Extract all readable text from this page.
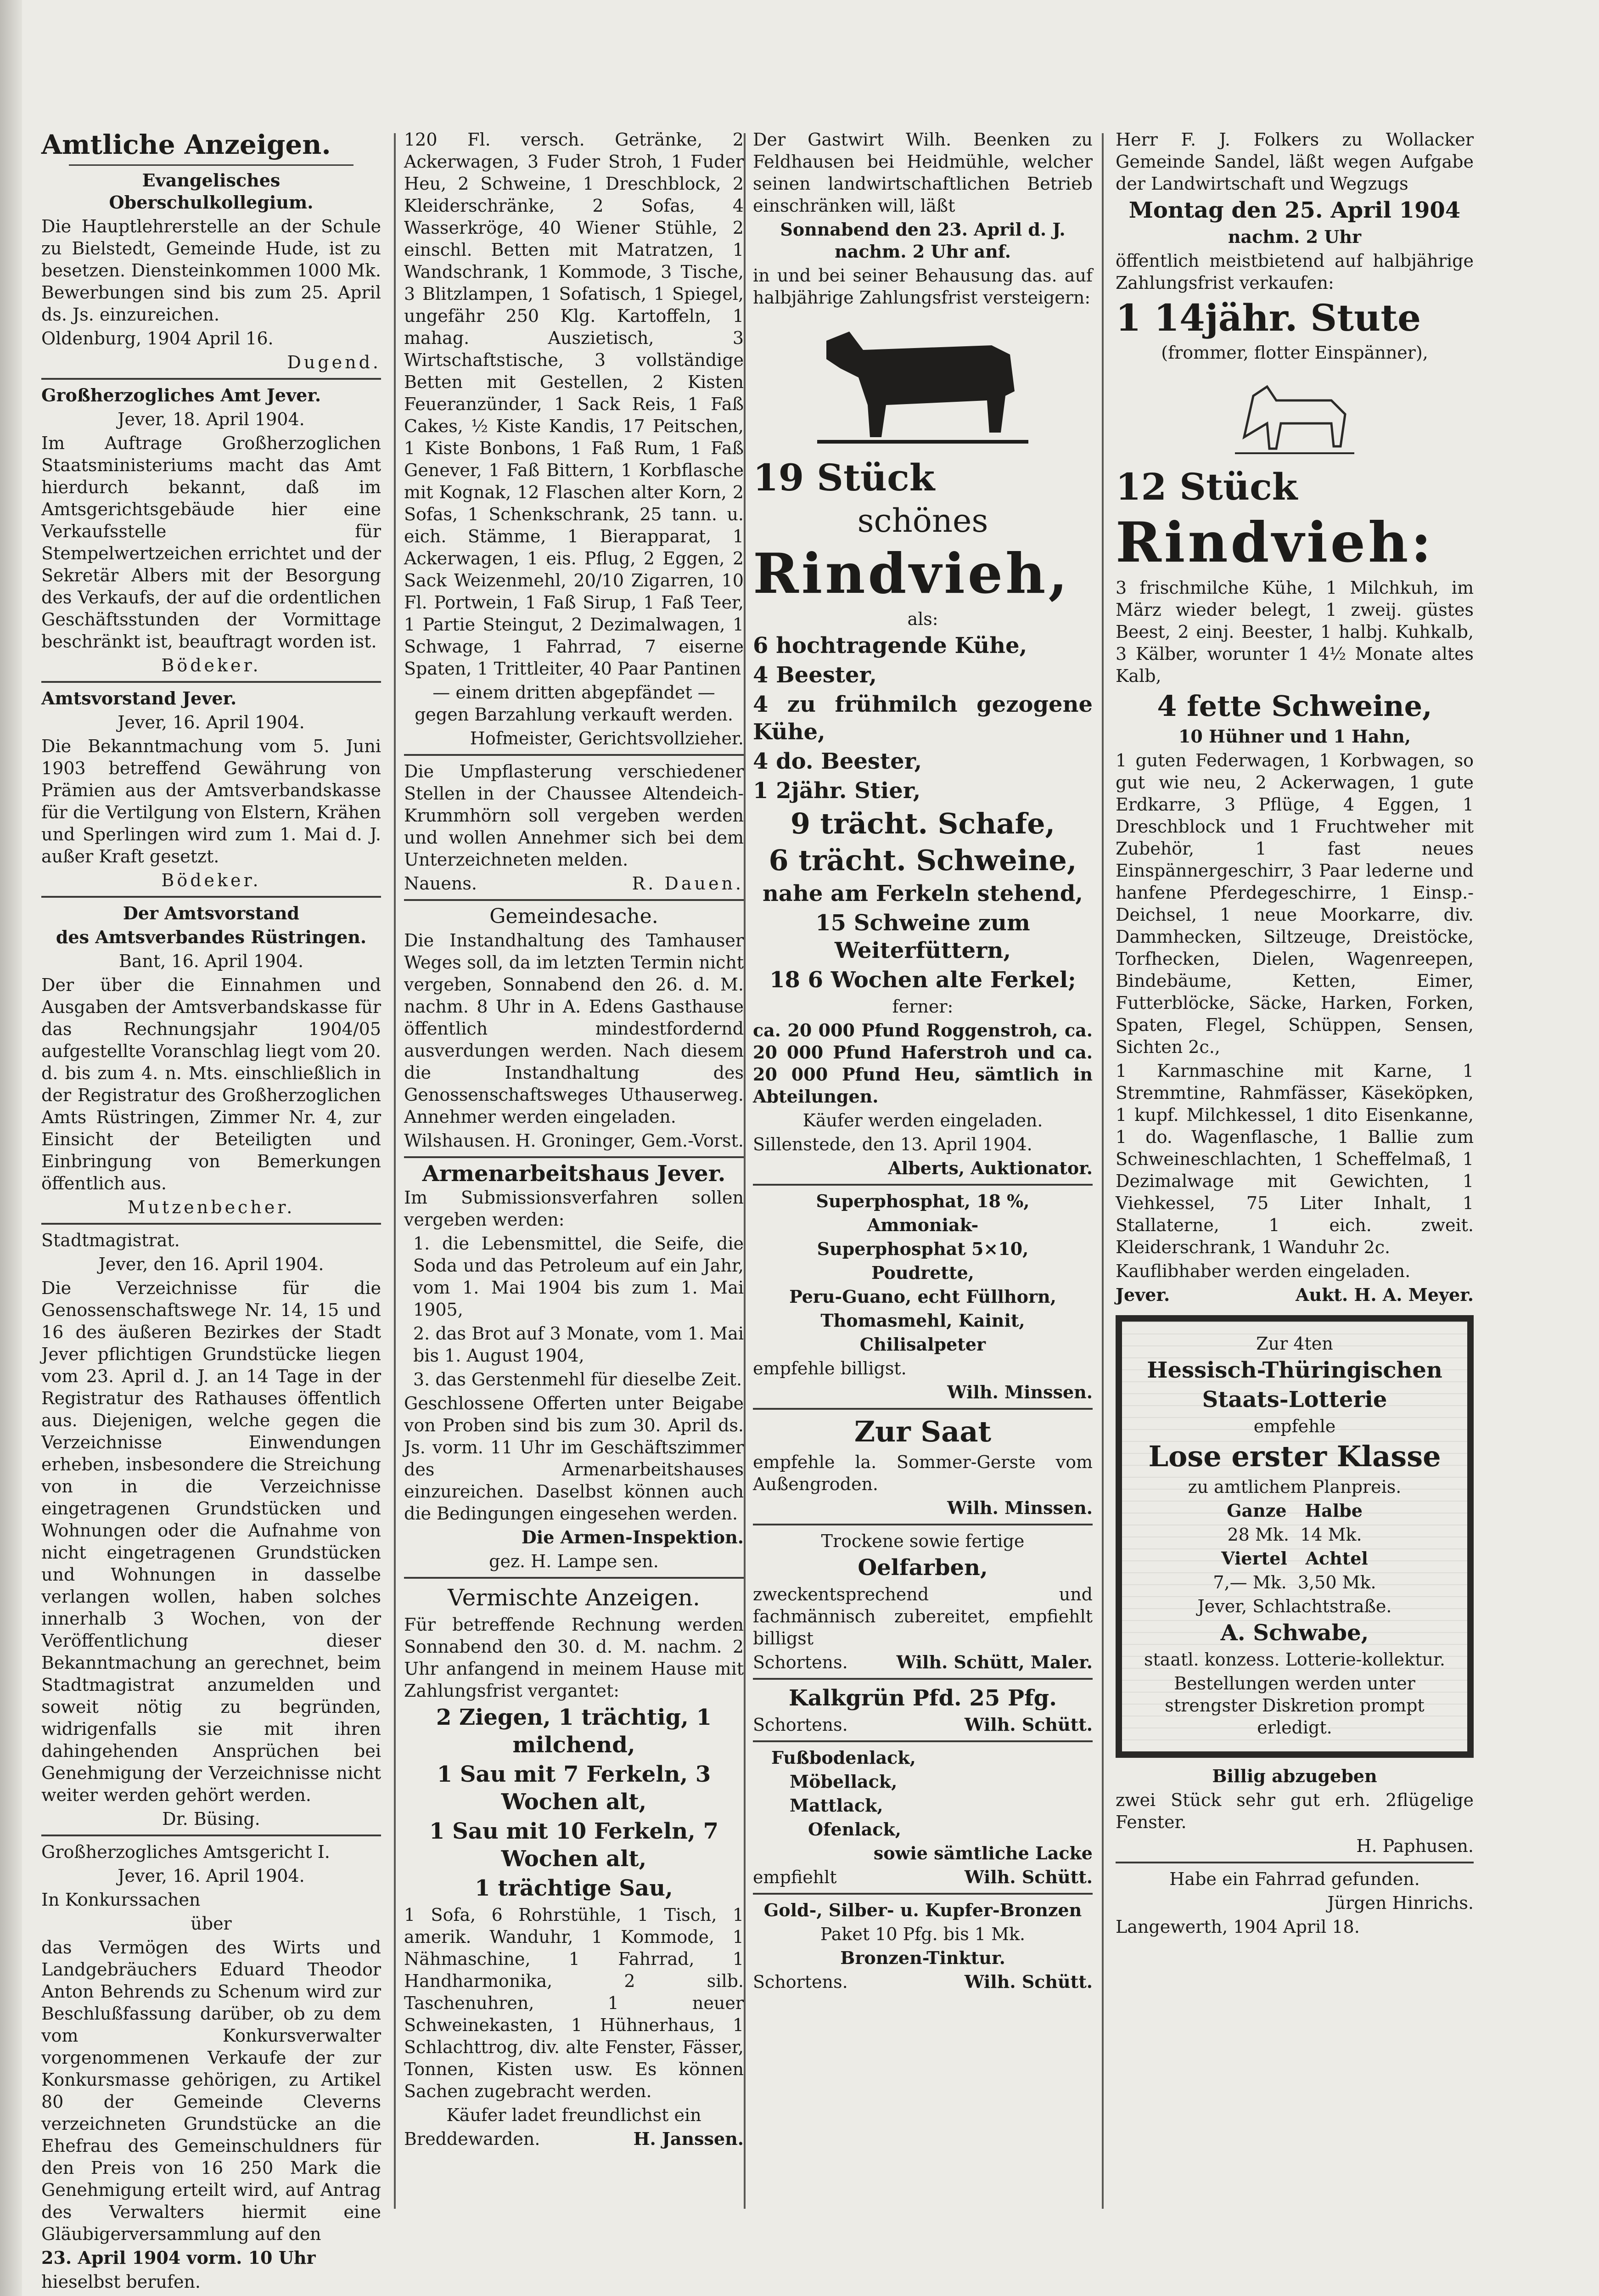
Amtliche Anzeigen.

Evangelisches Oberschulkollegium.

Die Hauptlehrerstelle an der Schule zu Bielstedt, Gemeinde Hude, ist zu besetzen. Diensteinkommen 1000 Mk. Bewerbungen sind bis zum 25. April ds. Js. einzureichen.

Oldenburg, 1904 April 16.

Dugend.

Großherzogliches Amt Jever.

Jever, 18. April 1904.

Im Auftrage Großherzoglichen Staatsministeriums macht das Amt hierdurch bekannt, daß im Amtsgerichtsgebäude hier eine Verkaufsstelle für Stempelwertzeichen errichtet und der Sekretär Albers mit der Besorgung des Verkaufs, der auf die ordentlichen Geschäftsstunden der Vormittage beschränkt ist, beauftragt worden ist.

Bödeker.

Amtsvorstand Jever.

Jever, 16. April 1904.

Die Bekanntmachung vom 5. Juni 1903 betreffend Gewährung von Prämien aus der Amtsverbandskasse für die Vertilgung von Elstern, Krähen und Sperlingen wird zum 1. Mai d. J. außer Kraft gesetzt.

Bödeker.

Der Amtsvorstand

des Amtsverbandes Rüstringen.

Bant, 16. April 1904.

Der über die Einnahmen und Ausgaben der Amtsverbandskasse für das Rechnungsjahr 1904/05 aufgestellte Voranschlag liegt vom 20. d. bis zum 4. n. Mts. einschließlich in der Registratur des Großherzoglichen Amts Rüstringen, Zimmer Nr. 4, zur Einsicht der Beteiligten und Einbringung von Bemerkungen öffentlich aus.

Mutzenbecher.

Stadtmagistrat.

Jever, den 16. April 1904.

Die Verzeichnisse für die Genossenschaftswege Nr. 14, 15 und 16 des äußeren Bezirkes der Stadt Jever pflichtigen Grundstücke liegen vom 23. April d. J. an 14 Tage in der Registratur des Rathauses öffentlich aus. Diejenigen, welche gegen die Verzeichnisse Einwendungen erheben, insbesondere die Streichung von in die Verzeichnisse eingetragenen Grundstücken und Wohnungen oder die Aufnahme von nicht eingetragenen Grundstücken und Wohnungen in dasselbe verlangen wollen, haben solches innerhalb 3 Wochen, von der Veröffentlichung dieser Bekanntmachung an gerechnet, beim Stadtmagistrat anzumelden und soweit nötig zu begründen, widrigenfalls sie mit ihren dahingehenden Ansprüchen bei Genehmigung der Verzeichnisse nicht weiter werden gehört werden.

Dr. Büsing.

Großherzogliches Amtsgericht I.

Jever, 16. April 1904.

In Konkurssachen

über

das Vermögen des Wirts und Landgebräuchers Eduard Theodor Anton Behrends zu Schenum wird zur Beschlußfassung darüber, ob zu dem vom Konkursverwalter vorgenommenen Verkaufe der zur Konkursmasse gehörigen, zu Artikel 80 der Gemeinde Cleverns verzeichneten Grundstücke an die Ehefrau des Gemeinschuldners für den Preis von 16 250 Mark die Genehmigung erteilt wird, auf Antrag des Verwalters hiermit eine Gläubigerversammlung auf den

23. April 1904 vorm. 10 Uhr

hieselbst berufen.

120 Fl. versch. Getränke, 2 Ackerwagen, 3 Fuder Stroh, 1 Fuder Heu, 2 Schweine, 1 Dreschblock, 2 Kleiderschränke, 2 Sofas, 4 Wasserkröge, 40 Wiener Stühle, 2 einschl. Betten mit Matratzen, 1 Wandschrank, 1 Kommode, 3 Tische, 3 Blitzlampen, 1 Sofatisch, 1 Spiegel, ungefähr 250 Klg. Kartoffeln, 1 mahag. Auszietisch, 3 Wirtschaftstische, 3 vollständige Betten mit Gestellen, 2 Kisten Feueranzünder, 1 Sack Reis, 1 Faß Cakes, ½ Kiste Kandis, 17 Peitschen, 1 Kiste Bonbons, 1 Faß Rum, 1 Faß Genever, 1 Faß Bittern, 1 Korbflasche mit Kognak, 12 Flaschen alter Korn, 2 Sofas, 1 Schenkschrank, 25 tann. u. eich. Stämme, 1 Bierapparat, 1 Ackerwagen, 1 eis. Pflug, 2 Eggen, 2 Sack Weizenmehl, 20/10 Zigarren, 10 Fl. Portwein, 1 Faß Sirup, 1 Faß Teer, 1 Partie Steingut, 2 Dezimalwagen, 1 Schwage, 1 Fahrrad, 7 eiserne Spaten, 1 Trittleiter, 40 Paar Pantinen

— einem dritten abgepfändet — gegen Barzahlung verkauft werden.

Hofmeister, Gerichtsvollzieher.

Die Umpflasterung verschiedener Stellen in der Chaussee Altendeich-Krummhörn soll vergeben werden und wollen Annehmer sich bei dem Unterzeichneten melden.

Nauens.	R. Dauen.

Gemeindesache.

Die Instandhaltung des Tamhauser Weges soll, da im letzten Termin nicht vergeben, Sonnabend den 26. d. M. nachm. 8 Uhr in A. Edens Gasthause öffentlich mindestfordernd ausverdungen werden. Nach diesem die Instandhaltung des Genossenschaftsweges Uthauserweg. Annehmer werden eingeladen.

Wilshausen. H. Groninger, Gem.-Vorst.

Armenarbeitshaus Jever.

Im Submissionsverfahren sollen vergeben werden:

1. die Lebensmittel, die Seife, die Soda und das Petroleum auf ein Jahr, vom 1. Mai 1904 bis zum 1. Mai 1905,

2. das Brot auf 3 Monate, vom 1. Mai bis 1. August 1904,

3. das Gerstenmehl für dieselbe Zeit.

Geschlossene Offerten unter Beigabe von Proben sind bis zum 30. April ds. Js. vorm. 11 Uhr im Geschäftszimmer des Armenarbeitshauses einzureichen. Daselbst können auch die Bedingungen eingesehen werden.

Die Armen-Inspektion.

gez. H. Lampe sen.

Vermischte Anzeigen.

Für betreffende Rechnung werden Sonnabend den 30. d. M. nachm. 2 Uhr anfangend in meinem Hause mit Zahlungsfrist vergantet:

2 Ziegen, 1 trächtig, 1 milchend,

1 Sau mit 7 Ferkeln, 3 Wochen alt,

1 Sau mit 10 Ferkeln, 7 Wochen alt,

1 trächtige Sau,

1 Sofa, 6 Rohrstühle, 1 Tisch, 1 amerik. Wanduhr, 1 Kommode, 1 Nähmaschine, 1 Fahrrad, 1 Handharmonika, 2 silb. Taschenuhren, 1 neuer Schweinekasten, 1 Hühnerhaus, 1 Schlachttrog, div. alte Fenster, Fässer, Tonnen, Kisten usw. Es können Sachen zugebracht werden.

Käufer ladet freundlichst ein

Breddewarden.	H. Janssen.

Der Gastwirt Wilh. Beenken zu Feldhausen bei Heidmühle, welcher seinen landwirtschaftlichen Betrieb einschränken will, läßt

Sonnabend den 23. April d. J. nachm. 2 Uhr anf.

in und bei seiner Behausung das. auf halbjährige Zahlungsfrist versteigern:

19 Stück

schönes

Rindvieh,

als:

6 hochtragende Kühe,

4 Beester,

4 zu frühmilch gezogene Kühe,

4 do. Beester,

1 2jähr. Stier,

9 trächt. Schafe,

6 trächt. Schweine,

nahe am Ferkeln stehend,

15 Schweine zum Weiterfüttern,

18 6 Wochen alte Ferkel;

ferner:

ca. 20 000 Pfund Roggenstroh, ca. 20 000 Pfund Haferstroh und ca. 20 000 Pfund Heu, sämtlich in Abteilungen.

Käufer werden eingeladen.

Sillenstede, den 13. April 1904.

Alberts, Auktionator.

Superphosphat, 18 %,

Ammoniak-

Superphosphat 5×10,

Poudrette,

Peru-Guano, echt Füllhorn,

Thomasmehl, Kainit,

Chilisalpeter

empfehle billigst.

Wilh. Minssen.

Zur Saat

empfehle la. Sommer-Gerste vom Außengroden.

Wilh. Minssen.

Trockene sowie fertige

Oelfarben,

zweckentsprechend und fachmännisch zubereitet, empfiehlt billigst

Schortens.	Wilh. Schütt, Maler.

Kalkgrün Pfd. 25 Pfg.

Schortens.	Wilh. Schütt.

Fußbodenlack,

Möbellack,

Mattlack,

Ofenlack,

sowie sämtliche Lacke

empfiehlt	Wilh. Schütt.

Gold-, Silber- u. Kupfer-Bronzen

Paket 10 Pfg. bis 1 Mk.

Bronzen-Tinktur.

Schortens.	Wilh. Schütt.

Herr F. J. Folkers zu Wollacker Gemeinde Sandel, läßt wegen Aufgabe der Landwirtschaft und Wegzugs

Montag den 25. April 1904

nachm. 2 Uhr

öffentlich meistbietend auf halbjährige Zahlungsfrist verkaufen:

1 14jähr. Stute

(frommer, flotter Einspänner),

12 Stück

Rindvieh:

3 frischmilche Kühe, 1 Milchkuh, im März wieder belegt, 1 zweij. güstes Beest, 2 einj. Beester, 1 halbj. Kuhkalb, 3 Kälber, worunter 1 4½ Monate altes Kalb,

4 fette Schweine,

10 Hühner und 1 Hahn,

1 guten Federwagen, 1 Korbwagen, so gut wie neu, 2 Ackerwagen, 1 gute Erdkarre, 3 Pflüge, 4 Eggen, 1 Dreschblock und 1 Fruchtweher mit Zubehör, 1 fast neues Einspännergeschirr, 3 Paar lederne und hanfene Pferdegeschirre, 1 Einsp.-Deichsel, 1 neue Moorkarre, div. Dammhecken, Siltzeuge, Dreistöcke, Torfhecken, Dielen, Wagenreepen, Bindebäume, Ketten, Eimer, Futterblöcke, Säcke, Harken, Forken, Spaten, Flegel, Schüppen, Sensen, Sichten 2c.,

1 Karnmaschine mit Karne, 1 Stremmtine, Rahmfässer, Käseköpken, 1 kupf. Milchkessel, 1 dito Eisenkanne, 1 do. Wagenflasche, 1 Ballie zum Schweineschlachten, 1 Scheffelmaß, 1 Dezimalwage mit Gewichten, 1 Viehkessel, 75 Liter Inhalt, 1 Stallaterne, 1 eich. zweit. Kleiderschrank, 1 Wanduhr 2c.

Kauflibhaber werden eingeladen.

Jever.	Aukt. H. A. Meyer.

Zur 4ten

Hessisch-Thüringischen

Staats-Lotterie

empfehle

Lose erster Klasse

zu amtlichem Planpreis.

Ganze   Halbe

28 Mk.  14 Mk.

Viertel   Achtel

7,— Mk.  3,50 Mk.

Jever, Schlachtstraße.

A. Schwabe,

staatl. konzess. Lotterie-kollektur.

Bestellungen werden unter strengster Diskretion prompt erledigt.

Billig abzugeben

zwei Stück sehr gut erh. 2flügelige Fenster.

H. Paphusen.

Habe ein Fahrrad gefunden.

Jürgen Hinrichs.

Langewerth, 1904 April 18.
